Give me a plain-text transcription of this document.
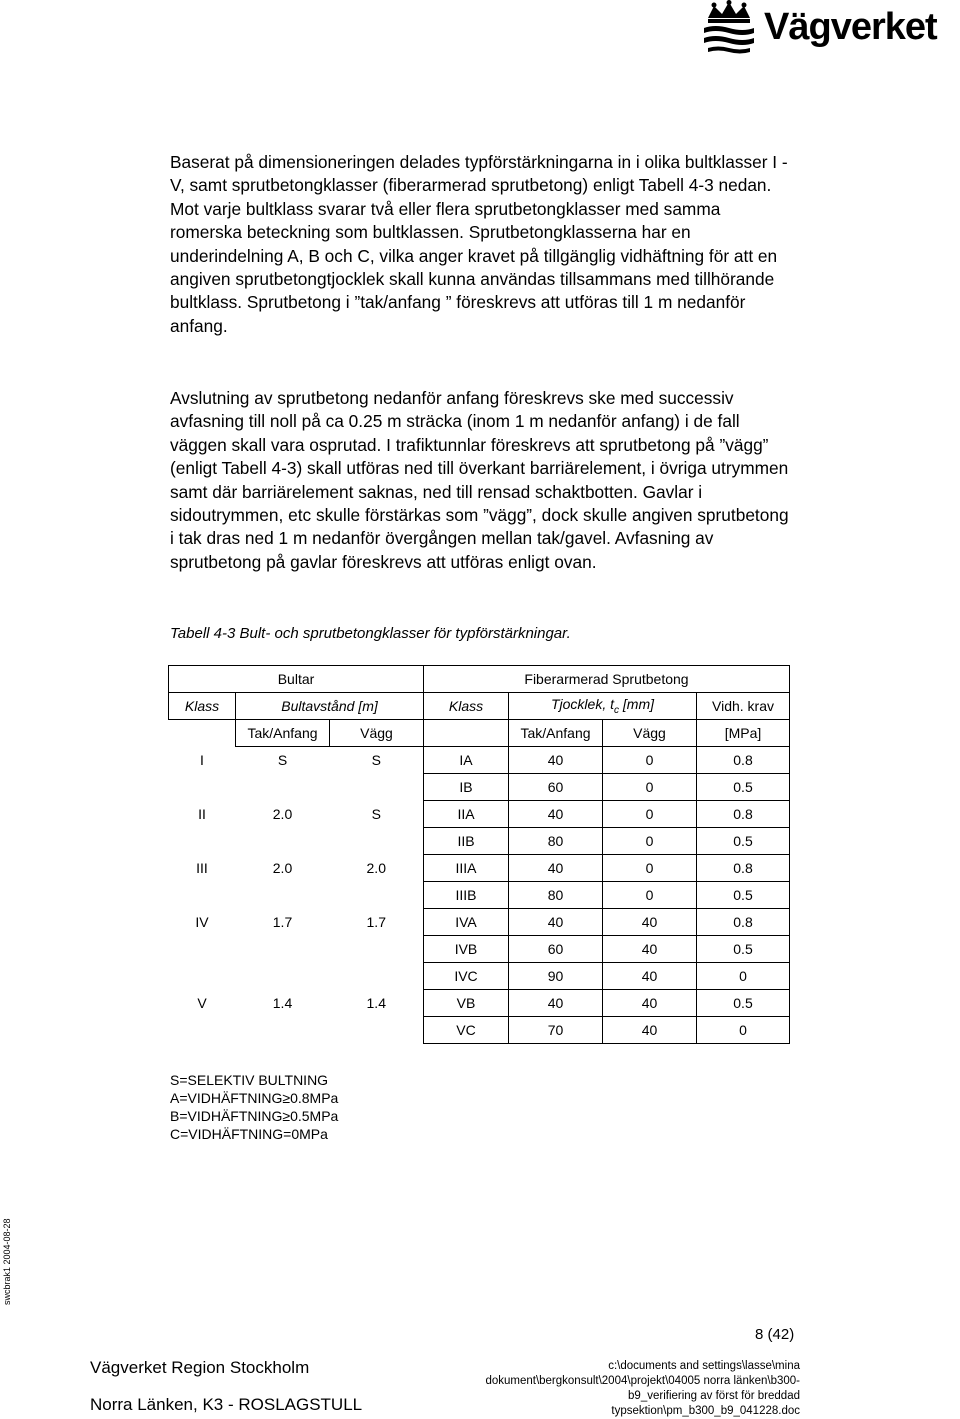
Vägverket

Baserat på dimensioneringen delades typförstärkningarna in i olika bultklasser I - V, samt sprutbetongklasser (fiberarmerad sprutbetong) enligt Tabell 4-3 nedan. Mot varje bultklass svarar två eller flera sprutbetongklasser med samma romerska beteckning som bultklassen. Sprutbetongklasserna har en underindelning A, B och C, vilka anger kravet på tillgänglig vidhäftning för att en angiven sprutbetongtjocklek skall kunna användas tillsammans med tillhörande bultklass. Sprutbetong i ”tak/anfang ” föreskrevs att utföras till 1 m nedanför anfang.

Avslutning av sprutbetong nedanför anfang föreskrevs ske med successiv avfasning till noll på ca 0.25 m sträcka (inom 1 m nedanför anfang) i de fall väggen skall vara osprutad. I trafiktunnlar föreskrevs att sprutbetong på ”vägg” (enligt Tabell 4-3) skall utföras ned till överkant barriärelement, i övriga utrymmen samt där barriärelement saknas, ned till rensad schaktbotten. Gavlar i sidoutrymmen, etc skulle förstärkas som ”vägg”, dock skulle angiven sprutbetong i tak dras ned 1 m nedanför övergången mellan tak/gavel. Avfasning av sprutbetong på gavlar föreskrevs att utföras enligt ovan.

Tabell 4-3 Bult- och sprutbetongklasser för typförstärkningar.

Bultar			Fiberarmerad Sprutbetong			
Klass	Bultavstånd [m]		Klass	Tjocklek, $t_c$ [mm]		Vidh. krav
	Tak/Anfang	Vägg		Tak/Anfang	Vägg	[MPa]
I	S	S	IA	40	0	0.8
			IB	60	0	0.5
II	2.0	S	IIA	40	0	0.8
			IIB	80	0	0.5
III	2.0	2.0	IIIA	40	0	0.8
			IIIB	80	0	0.5
IV	1.7	1.7	IVA	40	40	0.8
			IVB	60	40	0.5
			IVC	90	40	0
V	1.4	1.4	VB	40	40	0.5
			VC	70	40	0
S=SELEKTIV BULTNING
A=VIDHÄFTNING≥0.8MPa
B=VIDHÄFTNING≥0.5MPa
C=VIDHÄFTNING=0MPa
swcbrak1 2004-08-28
8 (42)
Vägverket Region Stockholm
Norra Länken, K3 - ROSLAGSTULL
c:\documents and settings\lasse\mina
dokument\bergkonsult\2004\projekt\04005 norra länken\b300-
b9_verifiering av först för breddad
typsektion\pm_b300_b9_041228.doc
